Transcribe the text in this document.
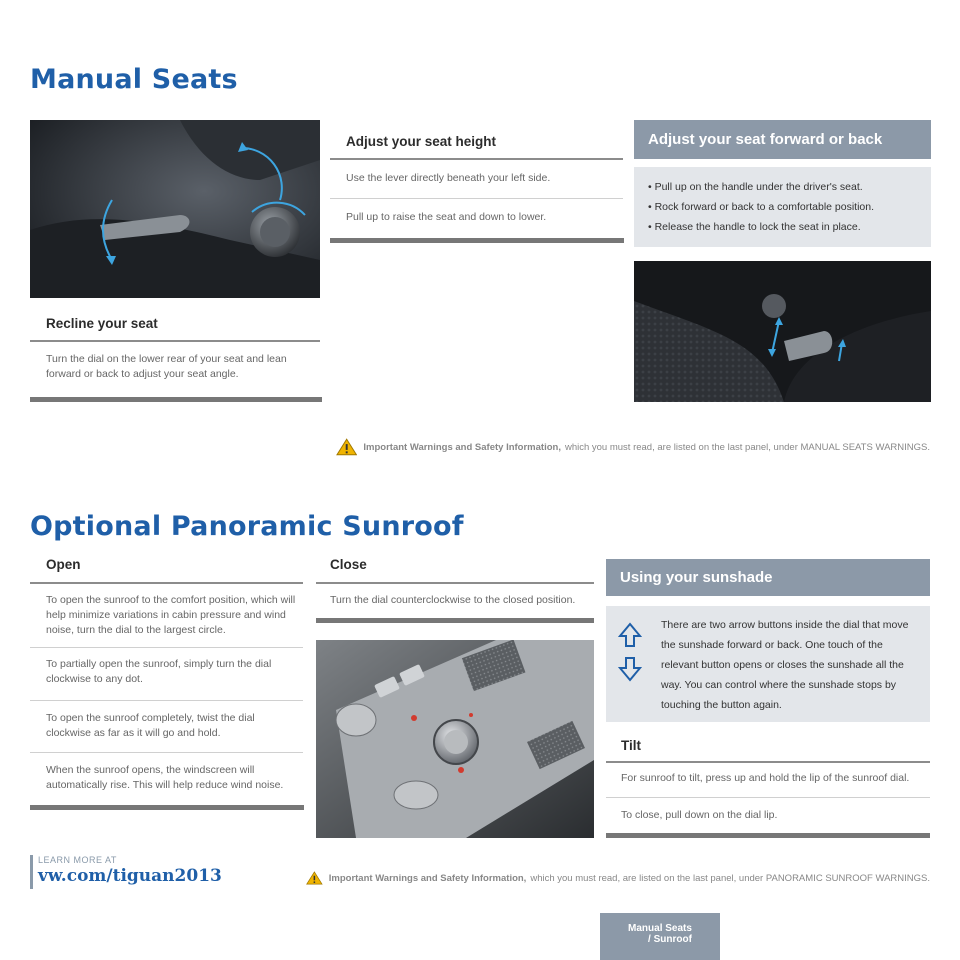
Manual Seats
Recline your seat
Turn the dial on the lower rear of your seat and lean forward or back to adjust your seat angle.
Adjust your seat height
Use the lever directly beneath your left side.
Pull up to raise the seat and down to lower.
Adjust your seat forward or back
• Pull up on the handle under the driver's seat.
• Rock forward or back to a comfortable position.
• Release the handle to lock the seat in place.
Important Warnings and Safety Information, which you must read, are listed on the last panel, under MANUAL SEATS WARNINGS.
Optional Panoramic Sunroof
Open
To open the sunroof to the comfort position, which will help minimize variations in cabin pressure and wind noise, turn the dial to the largest circle.
To partially open the sunroof, simply turn the dial clockwise to any dot.
To open the sunroof completely, twist the dial clockwise as far as it will go and hold.
When the sunroof opens, the windscreen will automatically rise. This will help reduce wind noise.
Close
Turn the dial counterclockwise to the closed position.
Using your sunshade
There are two arrow buttons inside the dial that move the sunshade forward or back. One touch of the relevant button opens or closes the sunshade all the way. You can control where the sunshade stops by touching the button again.
Tilt
For sunroof to tilt, press up and hold the lip of the sunroof dial.
To close, pull down on the dial lip.
LEARN MORE AT
vw.com/tiguan2013	Important Warnings and Safety Information, which you must read, are listed on the last panel, under PANORAMIC SUNROOF WARNINGS.
Manual Seats
/ Sunroof
